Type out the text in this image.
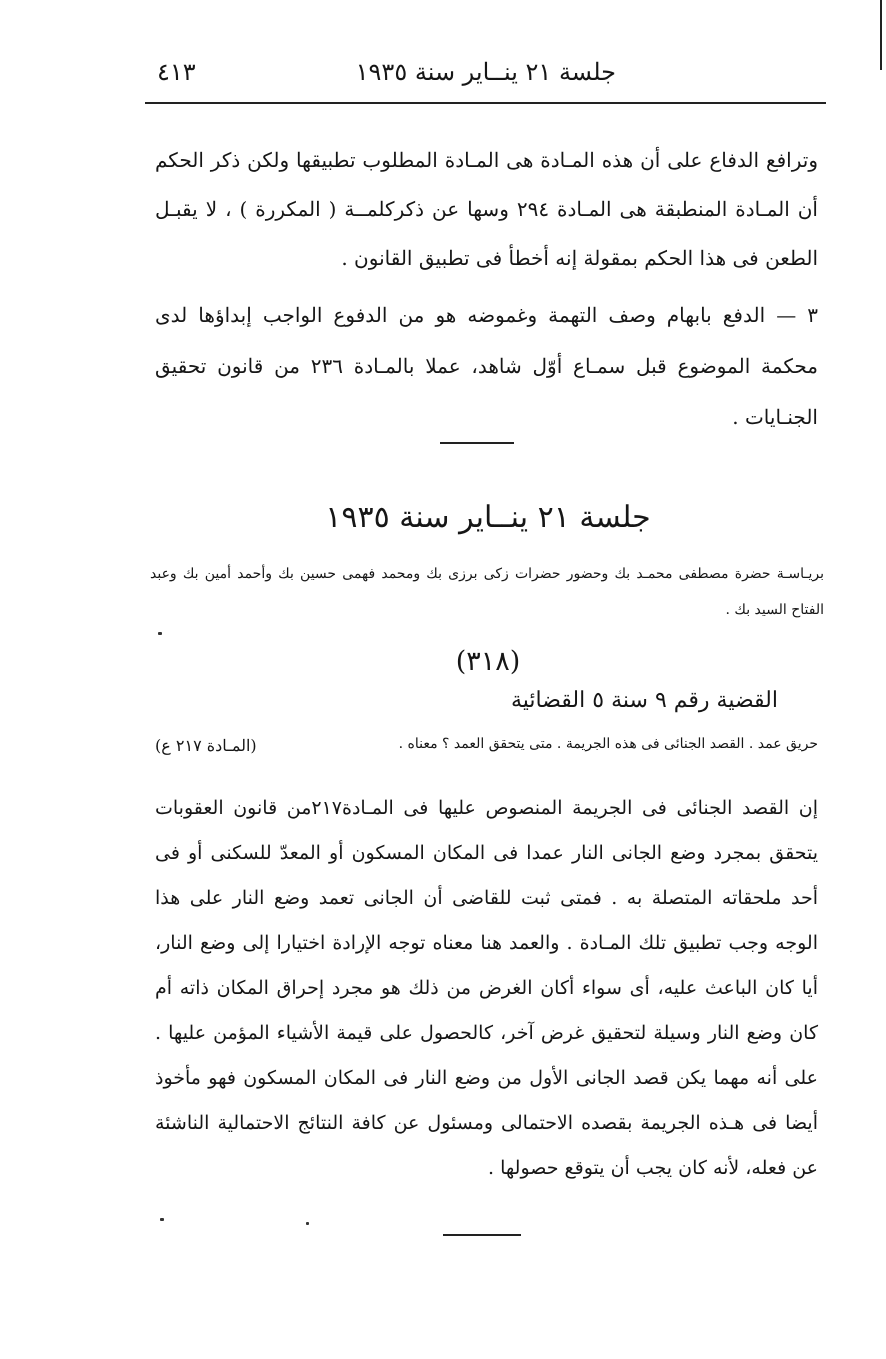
جلسة ٢١ ينــاير سنة ١٩٣٥
٤١٣
وترافع الدفاع على أن هذه المـادة هى المـادة المطلوب تطبيقها ولكن ذكر الحكم أن المـادة المنطبقة هى المـادة ٢٩٤ وسها عن ذكركلمــة ( المكررة ) ، لا يقبـل الطعن فى هذا الحكم بمقولة إنه أخطأ فى تطبيق القانون .
٣ — الدفع بابهام وصف التهمة وغموضه هو من الدفوع الواجب إبداؤها لدى محكمة الموضوع قبل سمـاع أوّل شاهد، عملا بالمـادة ٢٣٦ من قانون تحقيق الجنـايات .
جلسة ٢١ ينــاير سنة ١٩٣٥
بريـاسـة حضرة مصطفى محمـد بك وحضور حضرات زكى برزى بك ومحمد فهمى حسين بك وأحمد أمين بك وعبد الفتاح السيد بك .
(٣١٨)
القضية رقم ٩ سنة ٥ القضائية
حريق عمد . القصد الجنائى فى هذه الجريمة . متى يتحقق العمد ؟ معناه .
(المـادة ٢١٧ ع)
إن القصد الجنائى فى الجريمة المنصوص عليها فى المـادة٢١٧من قانون العقوبات يتحقق بمجرد وضع الجانى النار عمدا فى المكان المسكون أو المعدّ للسكنى أو فى أحد ملحقاته المتصلة به . فمتى ثبت للقاضى أن الجانى تعمد وضع النار على هذا الوجه وجب تطبيق تلك المـادة . والعمد هنا معناه توجه الإرادة اختيارا إلى وضع النار، أيا كان الباعث عليه، أى سواء أكان الغرض من ذلك هو مجرد إحراق المكان ذاته أم كان وضع النار وسيلة لتحقيق غرض آخر، كالحصول على قيمة الأشياء المؤمن عليها . على أنه مهما يكن قصد الجانى الأول من وضع النار فى المكان المسكون فهو مأخوذ أيضا فى هـذه الجريمة بقصده الاحتمالى ومسئول عن كافة النتائج الاحتمالية الناشئة عن فعله، لأنه كان يجب أن يتوقع حصولها .
